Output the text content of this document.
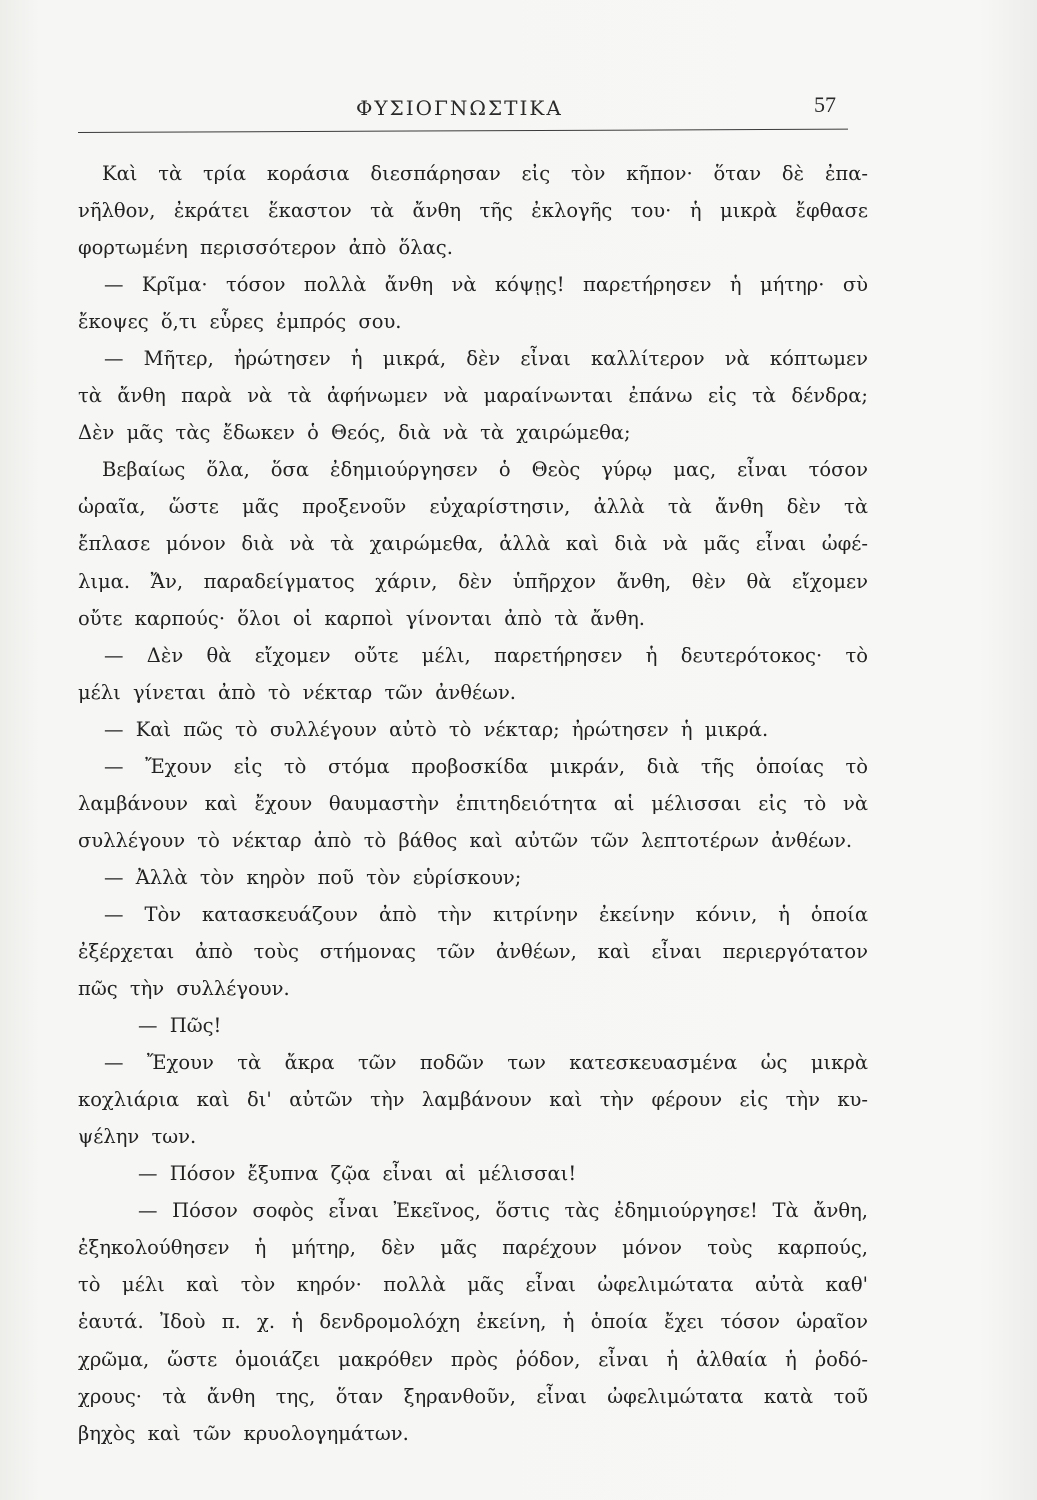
ΦΥΣΙΟΓΝΩΣΤΙΚΑ	57
Καὶ τὰ τρία κοράσια διεσπάρησαν εἰς τὸν κῆπον· ὅταν δὲ ἐπα-
νῆλθον, ἐκράτει ἕκαστον τὰ ἄνθη τῆς ἐκλογῆς του· ἡ μικρὰ ἔφθασε
φορτωμένη περισσότερον ἀπὸ ὅλας.
— Κρῖμα· τόσον πολλὰ ἄνθη νὰ κόψῃς! παρετήρησεν ἡ μήτηρ· σὺ
ἔκοψες ὅ,τι εὗρες ἐμπρός σου.
— Μῆτερ, ἠρώτησεν ἡ μικρά, δὲν εἶναι καλλίτερον νὰ κόπτωμεν
τὰ ἄνθη παρὰ νὰ τὰ ἀφήνωμεν νὰ μαραίνωνται ἐπάνω εἰς τὰ δένδρα;
Δὲν μᾶς τὰς ἔδωκεν ὁ Θεός, διὰ νὰ τὰ χαιρώμεθα;
Βεβαίως ὅλα, ὅσα ἐδημιούργησεν ὁ Θεὸς γύρῳ μας, εἶναι τόσον
ὡραῖα, ὥστε μᾶς προξενοῦν εὐχαρίστησιν, ἀλλὰ τὰ ἄνθη δὲν τὰ
ἔπλασε μόνον διὰ νὰ τὰ χαιρώμεθα, ἀλλὰ καὶ διὰ νὰ μᾶς εἶναι ὠφέ-
λιμα. Ἄν, παραδείγματος χάριν, δὲν ὑπῆρχον ἄνθη, θὲν θὰ εἴχομεν
οὔτε καρπούς· ὅλοι οἱ καρποὶ γίνονται ἀπὸ τὰ ἄνθη.
— Δὲν θὰ εἴχομεν οὔτε μέλι, παρετήρησεν ἡ δευτερότοκος· τὸ
μέλι γίνεται ἀπὸ τὸ νέκταρ τῶν ἀνθέων.
— Καὶ πῶς τὸ συλλέγουν αὐτὸ τὸ νέκταρ; ἠρώτησεν ἡ μικρά.
— Ἔχουν εἰς τὸ στόμα προβοσκίδα μικράν, διὰ τῆς ὁποίας τὸ
λαμβάνουν καὶ ἔχουν θαυμαστὴν ἐπιτηδειότητα αἱ μέλισσαι εἰς τὸ νὰ
συλλέγουν τὸ νέκταρ ἀπὸ τὸ βάθος καὶ αὐτῶν τῶν λεπτοτέρων ἀνθέων.
— Ἀλλὰ τὸν κηρὸν ποῦ τὸν εὑρίσκουν;
— Τὸν κατασκευάζουν ἀπὸ τὴν κιτρίνην ἐκείνην κόνιν, ἡ ὁποία
ἐξέρχεται ἀπὸ τοὺς στήμονας τῶν ἀνθέων, καὶ εἶναι περιεργότατον
πῶς τὴν συλλέγουν.
— Πῶς!
— Ἔχουν τὰ ἄκρα τῶν ποδῶν των κατεσκευασμένα ὡς μικρὰ
κοχλιάρια καὶ δι' αὐτῶν τὴν λαμβάνουν καὶ τὴν φέρουν εἰς τὴν κυ-
ψέλην των.
— Πόσον ἔξυπνα ζῷα εἶναι αἱ μέλισσαι!
— Πόσον σοφὸς εἶναι Ἐκεῖνος, ὅστις τὰς ἐδημιούργησε! Τὰ ἄνθη,
ἐξηκολούθησεν ἡ μήτηρ, δὲν μᾶς παρέχουν μόνον τοὺς καρπούς,
τὸ μέλι καὶ τὸν κηρόν· πολλὰ μᾶς εἶναι ὠφελιμώτατα αὐτὰ καθ'
ἑαυτά. Ἰδοὺ π. χ. ἡ δενδρομολόχη ἐκείνη, ἡ ὁποία ἔχει τόσον ὡραῖον
χρῶμα, ὥστε ὁμοιάζει μακρόθεν πρὸς ῥόδον, εἶναι ἡ ἀλθαία ἡ ῥοδό-
χρους· τὰ ἄνθη της, ὅταν ξηρανθοῦν, εἶναι ὠφελιμώτατα κατὰ τοῦ
βηχὸς καὶ τῶν κρυολογημάτων.
